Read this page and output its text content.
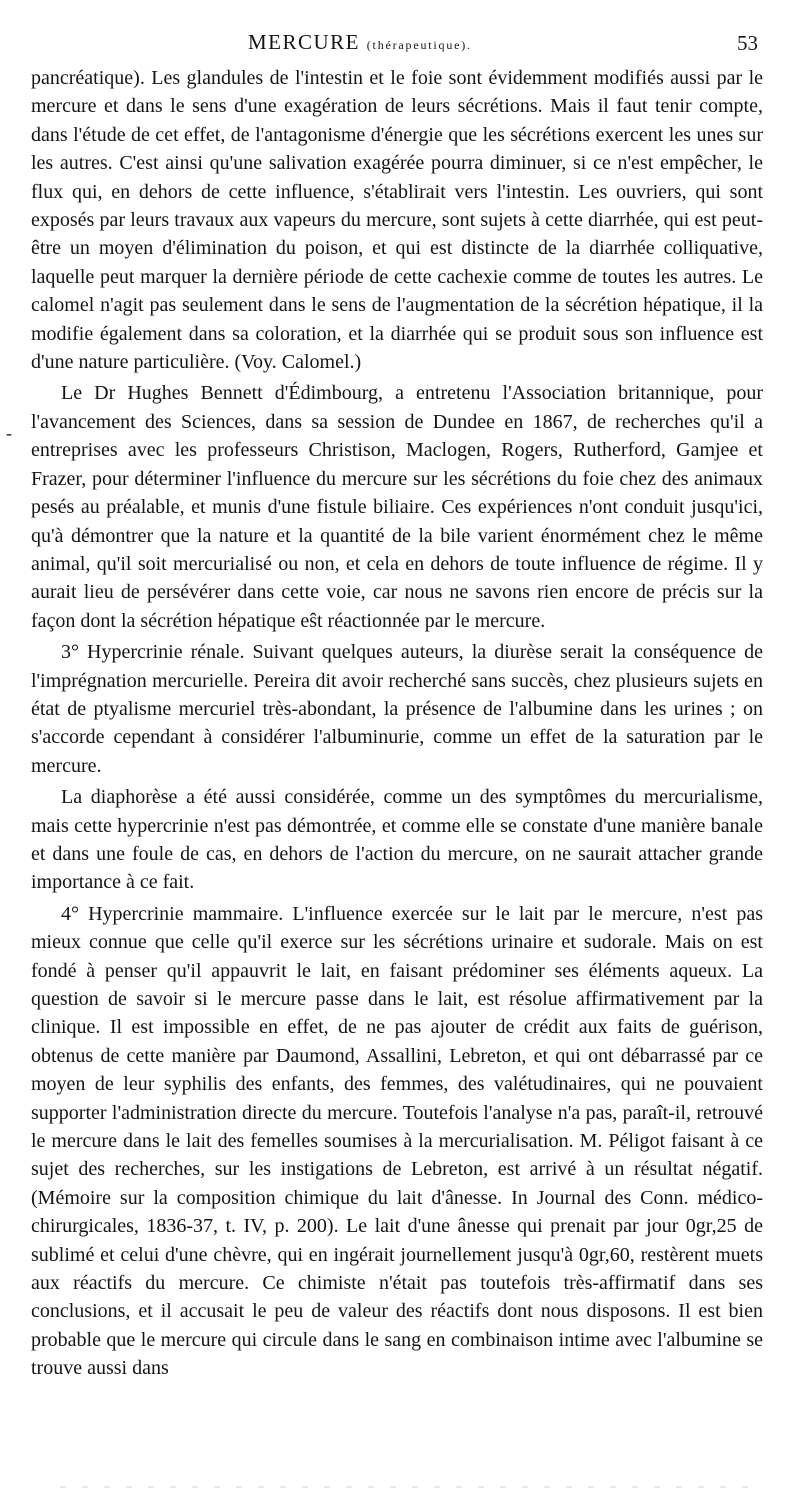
MERCURE (thérapeutique).	53
-

pancréatique). Les glandules de l'intestin et le foie sont évidemment modifiés aussi par le mercure et dans le sens d'une exagération de leurs sécrétions. Mais il faut tenir compte, dans l'étude de cet effet, de l'antagonisme d'énergie que les sécrétions exercent les unes sur les autres. C'est ainsi qu'une salivation exagérée pourra diminuer, si ce n'est empêcher, le flux qui, en dehors de cette influence, s'établirait vers l'intestin. Les ouvriers, qui sont exposés par leurs travaux aux vapeurs du mercure, sont sujets à cette diarrhée, qui est peut-être un moyen d'élimination du poison, et qui est distincte de la diarrhée colliquative, laquelle peut marquer la dernière période de cette cachexie comme de toutes les autres. Le calomel n'agit pas seulement dans le sens de l'augmentation de la sécrétion hépatique, il la modifie également dans sa coloration, et la diarrhée qui se produit sous son influence est d'une nature particulière. (Voy. Calomel.)

Le Dr Hughes Bennett d'Édimbourg, a entretenu l'Association britannique, pour l'avancement des Sciences, dans sa session de Dundee en 1867, de recherches qu'il a entreprises avec les professeurs Christison, Maclogen, Rogers, Rutherford, Gamjee et Frazer, pour déterminer l'influence du mercure sur les sécrétions du foie chez des animaux pesés au préalable, et munis d'une fistule biliaire. Ces expériences n'ont conduit jusqu'ici, qu'à démontrer que la nature et la quantité de la bile varient énormément chez le même animal, qu'il soit mercurialisé ou non, et cela en dehors de toute influence de régime. Il y aurait lieu de persévérer dans cette voie, car nous ne savons rien encore de précis sur la façon dont la sécrétion hépatique eŝt réactionnée par le mercure.

3° Hypercrinie rénale. Suivant quelques auteurs, la diurèse serait la conséquence de l'imprégnation mercurielle. Pereira dit avoir recherché sans succès, chez plusieurs sujets en état de ptyalisme mercuriel très-abondant, la présence de l'albumine dans les urines ; on s'accorde cependant à considérer l'albuminurie, comme un effet de la saturation par le mercure.

La diaphorèse a été aussi considérée, comme un des symptômes du mercurialisme, mais cette hypercrinie n'est pas démontrée, et comme elle se constate d'une manière banale et dans une foule de cas, en dehors de l'action du mercure, on ne saurait attacher grande importance à ce fait.

4° Hypercrinie mammaire. L'influence exercée sur le lait par le mercure, n'est pas mieux connue que celle qu'il exerce sur les sécrétions urinaire et sudorale. Mais on est fondé à penser qu'il appauvrit le lait, en faisant prédominer ses éléments aqueux. La question de savoir si le mercure passe dans le lait, est résolue affirmativement par la clinique. Il est impossible en effet, de ne pas ajouter de crédit aux faits de guérison, obtenus de cette manière par Daumond, Assallini, Lebreton, et qui ont débarrassé par ce moyen de leur syphilis des enfants, des femmes, des valétudinaires, qui ne pouvaient supporter l'administration directe du mercure. Toutefois l'analyse n'a pas, paraît-il, retrouvé le mercure dans le lait des femelles soumises à la mercurialisation. M. Péligot faisant à ce sujet des recherches, sur les instigations de Lebreton, est arrivé à un résultat négatif. (Mémoire sur la composition chimique du lait d'ânesse. In Journal des Conn. médico-chirurgicales, 1836-37, t. IV, p. 200). Le lait d'une ânesse qui prenait par jour 0gr,25 de sublimé et celui d'une chèvre, qui en ingérait journellement jusqu'à 0gr,60, restèrent muets aux réactifs du mercure. Ce chimiste n'était pas toutefois très-affirmatif dans ses conclusions, et il accusait le peu de valeur des réactifs dont nous disposons. Il est bien probable que le mercure qui circule dans le sang en combinaison intime avec l'albumine se trouve aussi dans
